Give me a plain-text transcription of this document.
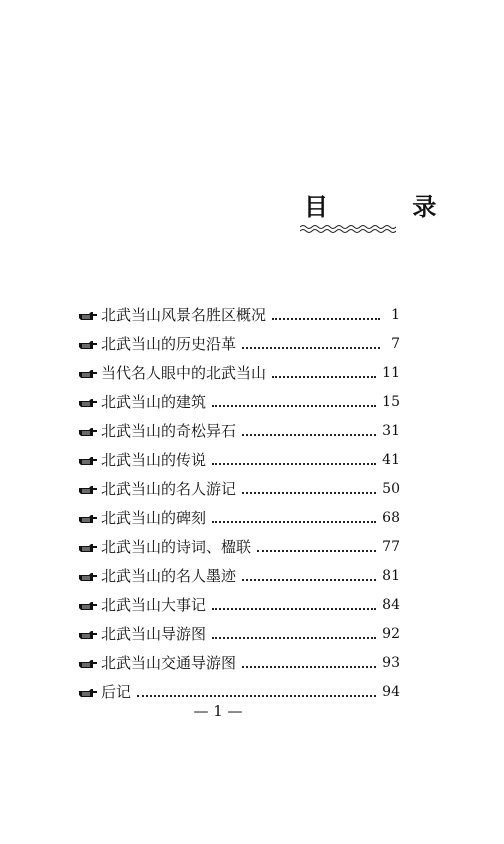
目 录
北武当山风景名胜区概况	1
北武当山的历史沿革	7
当代名人眼中的北武当山	11
北武当山的建筑	15
北武当山的奇松异石	31
北武当山的传说	41
北武当山的名人游记	50
北武当山的碑刻	68
北武当山的诗词、楹联	77
北武当山的名人墨迹	81
北武当山大事记	84
北武当山导游图	92
北武当山交通导游图	93
后记	94
— 1 —
